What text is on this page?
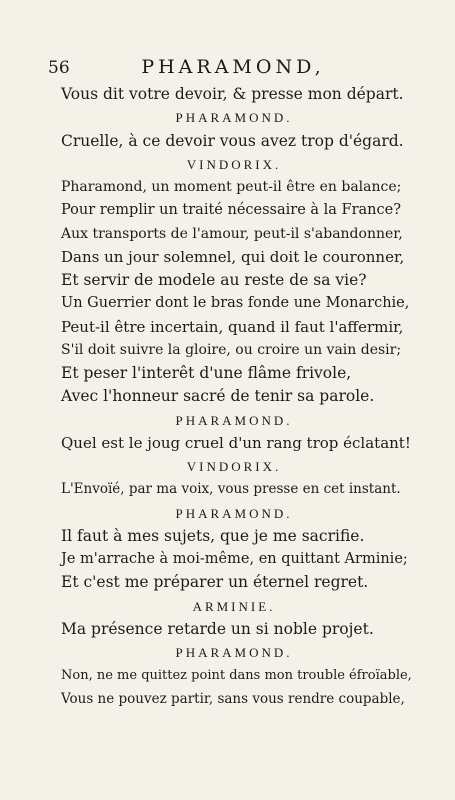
56	PHARAMOND,
Vous dit votre devoir, & presse mon départ.
PHARAMOND.
Cruelle, à ce devoir vous avez trop d'égard.
VINDORIX.
Pharamond, un moment peut-il être en balance;
Pour remplir un traité nécessaire à la France?
Aux transports de l'amour, peut-il s'abandonner,
Dans un jour solemnel, qui doit le couronner,
Et servir de modele au reste de sa vie?
Un Guerrier dont le bras fonde une Monarchie,
Peut-il être incertain, quand il faut l'affermir,
S'il doit suivre la gloire, ou croire un vain desir;
Et peser l'interêt d'une flâme frivole,
Avec l'honneur sacré de tenir sa parole.
PHARAMOND.
Quel est le joug cruel d'un rang trop éclatant!
VINDORIX.
L'Envoïé, par ma voix, vous presse en cet instant.
PHARAMOND.
Il faut à mes sujets, que je me sacrifie.
Je m'arrache à moi-même, en quittant Arminie;
Et c'est me préparer un éternel regret.
ARMINIE.
Ma présence retarde un si noble projet.
PHARAMOND.
Non, ne me quittez point dans mon trouble éfroïable,
Vous ne pouvez partir, sans vous rendre coupable,
